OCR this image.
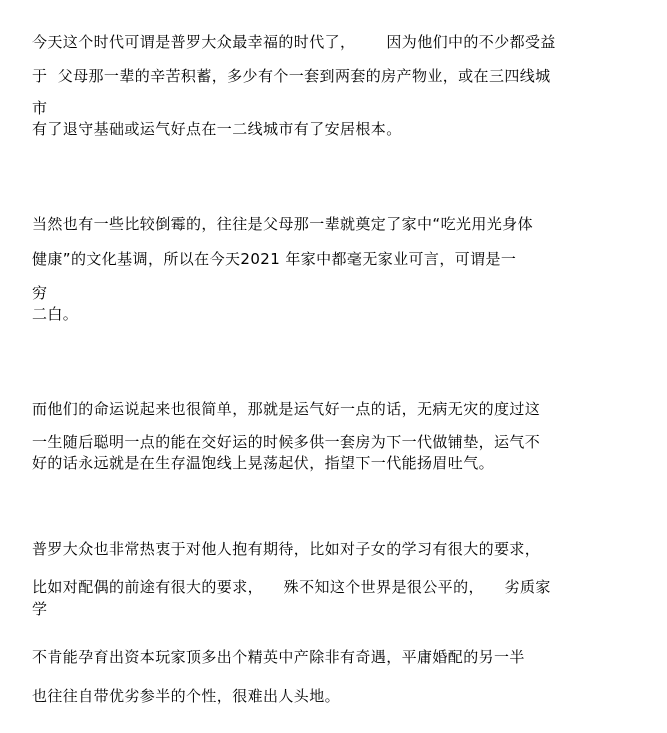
今天这个时代可谓是普罗大众最幸福的时代了，      因为他们中的不少都受益
于  父母那一辈的辛苦积蓄，多少有个一套到两套的房产物业，或在三四线城
市
有了退守基础或运气好点在一二线城市有了安居根本。
当然也有一些比较倒霉的，往往是父母那一辈就奠定了家中“吃光用光身体
健康”的文化基调，所以在今天2021 年家中都毫无家业可言，可谓是一
穷
二白。
而他们的命运说起来也很简单，那就是运气好一点的话，无病无灾的度过这
一生随后聪明一点的能在交好运的时候多供一套房为下一代做铺垫，运气不
好的话永远就是在生存温饱线上晃荡起伏，指望下一代能扬眉吐气。
普罗大众也非常热衷于对他人抱有期待，比如对子女的学习有很大的要求，
比如对配偶的前途有很大的要求，    殊不知这个世界是很公平的，    劣质家
学
不肯能孕育出资本玩家顶多出个精英中产除非有奇遇，平庸婚配的另一半
也往往自带优劣参半的个性，很难出人头地。
